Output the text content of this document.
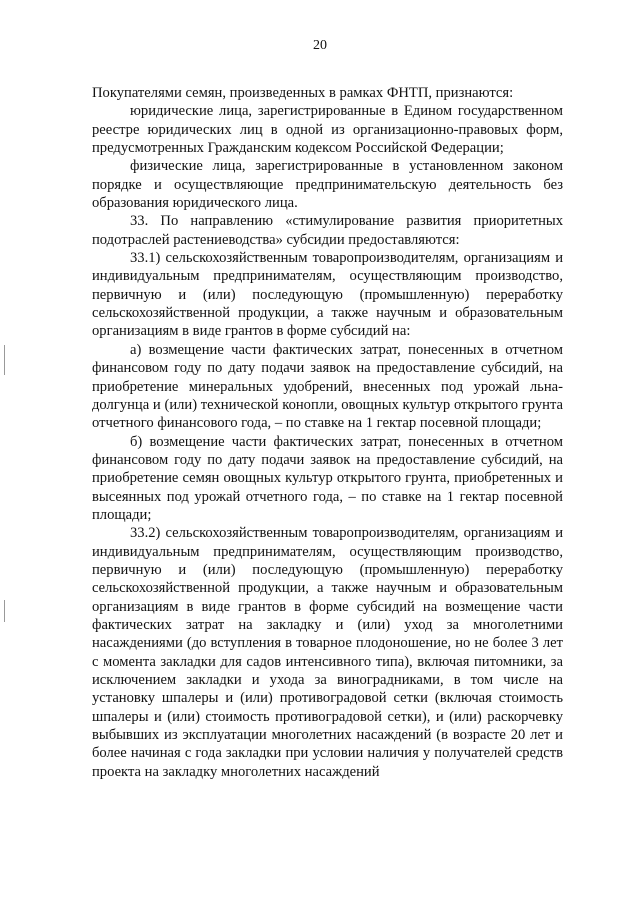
20

Покупателями семян, произведенных в рамках ФНТП, признаются:

юридические лица, зарегистрированные в Едином государственном реестре юридических лиц в одной из организационно-правовых форм, предусмотренных Гражданским кодексом Российской Федерации;

физические лица, зарегистрированные в установленном законом порядке и осуществляющие предпринимательскую деятельность без образования юридического лица.

33. По направлению «стимулирование развития приоритетных подотраслей растениеводства» субсидии предоставляются:

33.1) сельскохозяйственным товаропроизводителям, организациям и индивидуальным предпринимателям, осуществляющим производство, первичную и (или) последующую (промышленную) переработку сельскохозяйственной продукции, а также научным и образовательным организациям в виде грантов в форме субсидий на:

а) возмещение части фактических затрат, понесенных в отчетном финансовом году по дату подачи заявок на предоставление субсидий, на приобретение минеральных удобрений, внесенных под урожай льна-долгунца и (или) технической конопли, овощных культур открытого грунта отчетного финансового года, – по ставке на 1 гектар посевной площади;

б) возмещение части фактических затрат, понесенных в отчетном финансовом году по дату подачи заявок на предоставление субсидий, на приобретение семян овощных культур открытого грунта, приобретенных и высеянных под урожай отчетного года, – по ставке на 1 гектар посевной площади;

33.2) сельскохозяйственным товаропроизводителям, организациям и индивидуальным предпринимателям, осуществляющим производство, первичную и (или) последующую (промышленную) переработку сельскохозяйственной продукции, а также научным и образовательным организациям в виде грантов в форме субсидий на возмещение части фактических затрат на закладку и (или) уход за многолетними насаждениями (до вступления в товарное плодоношение, но не более 3 лет с момента закладки для садов интенсивного типа), включая питомники, за исключением закладки и ухода за виноградниками, в том числе на установку шпалеры и (или) противоградовой сетки (включая стоимость шпалеры и (или) стоимость противоградовой сетки), и (или) раскорчевку выбывших из эксплуатации многолетних насаждений (в возрасте 20 лет и более начиная с года закладки при условии наличия у получателей средств проекта на закладку многолетних насаждений
